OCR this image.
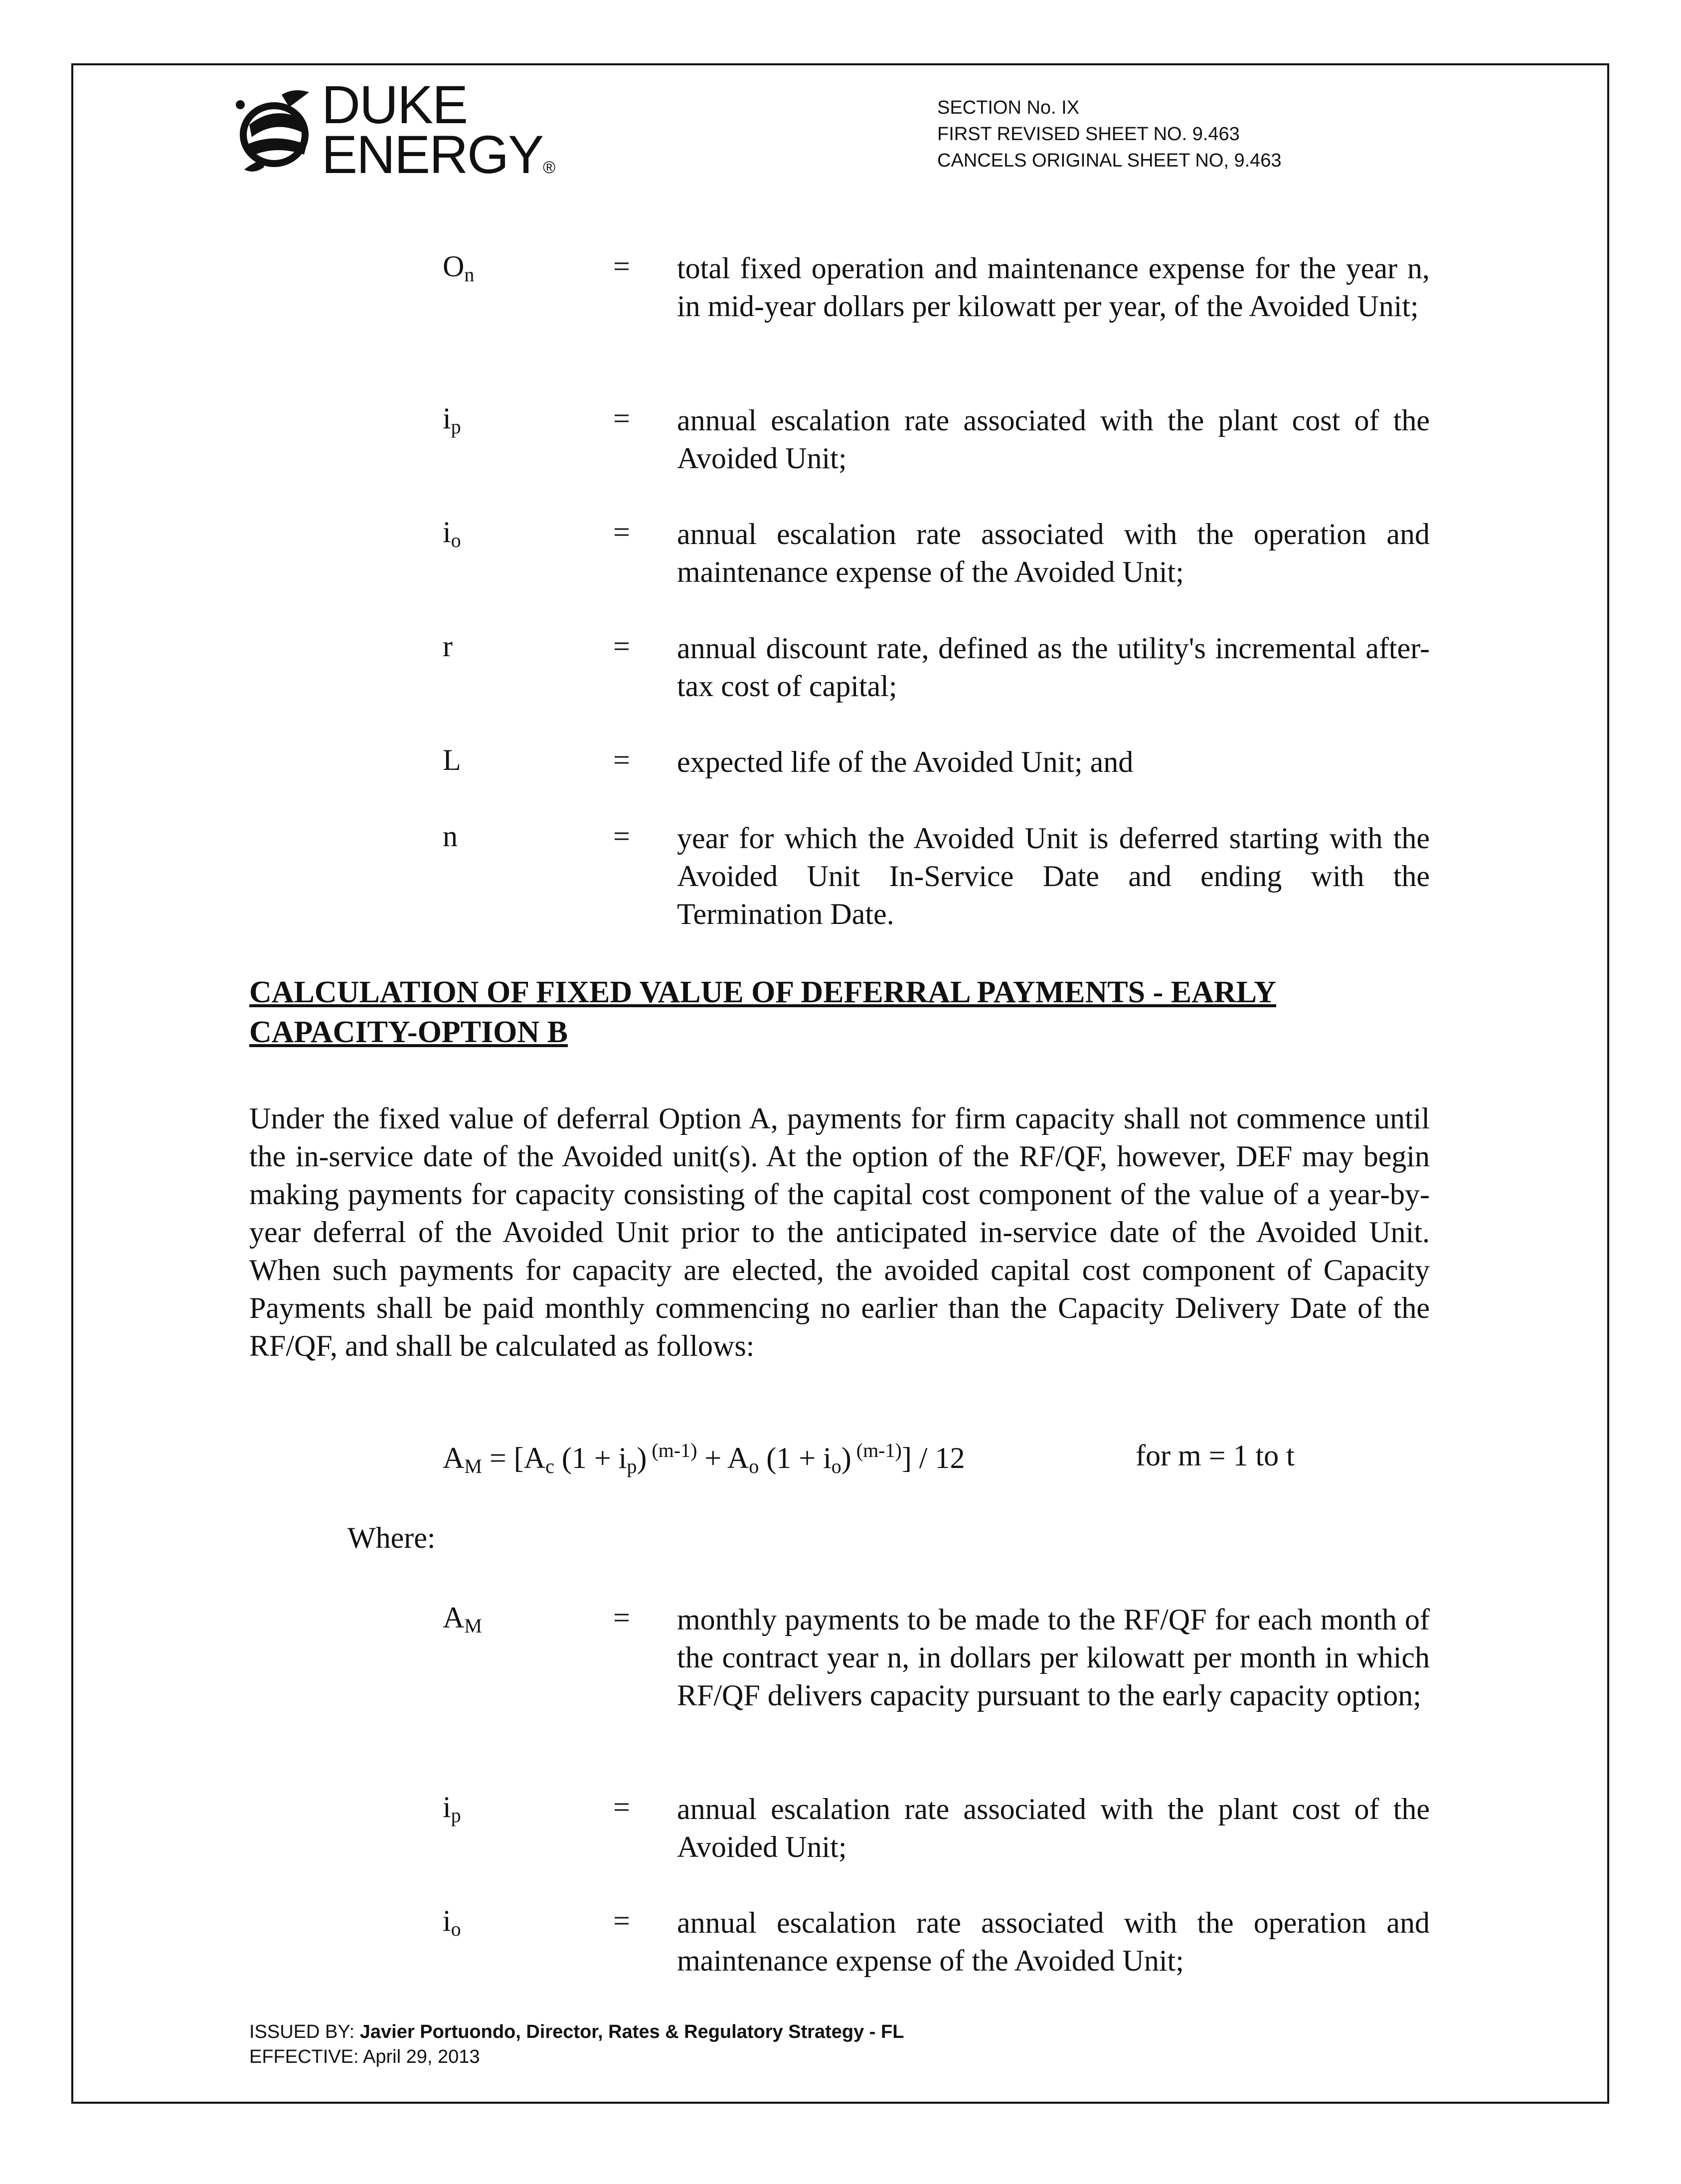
DUKE
ENERGY®
SECTION No. IX
FIRST REVISED SHEET NO. 9.463
CANCELS ORIGINAL SHEET NO, 9.463
$O_n$	= total fixed operation and maintenance expense for the year n, in mid-year dollars per kilowatt per year, of the Avoided Unit;
$i_p$	= annual escalation rate associated with the plant cost of the Avoided Unit;
$i_o$	= annual escalation rate associated with the operation and maintenance expense of the Avoided Unit;
r	= annual discount rate, defined as the utility's incremental after-tax cost of capital;
L	= expected life of the Avoided Unit; and
n	= year for which the Avoided Unit is deferred starting with the Avoided Unit In-Service Date and ending with the Termination Date.
CALCULATION OF FIXED VALUE OF DEFERRAL PAYMENTS - EARLY CAPACITY-OPTION B
Under the fixed value of deferral Option A, payments for firm capacity shall not commence until the in-service date of the Avoided unit(s). At the option of the RF/QF, however, DEF may begin making payments for capacity consisting of the capital cost component of the value of a year-by-year deferral of the Avoided Unit prior to the anticipated in-service date of the Avoided Unit. When such payments for capacity are elected, the avoided capital cost component of Capacity Payments shall be paid monthly commencing no earlier than the Capacity Delivery Date of the RF/QF, and shall be calculated as follows:
$A_M = [A_c$ $(1 + i_p)$ $^{(m-1)} + A_o$ $(1 + i_o)$ $^{(m-1)}$] / 12	for m = 1 to t
Where:
$A_M$	= monthly payments to be made to the RF/QF for each month of the contract year n, in dollars per kilowatt per month in which RF/QF delivers capacity pursuant to the early capacity option;
$i_p$	= annual escalation rate associated with the plant cost of the Avoided Unit;
$i_o$	= annual escalation rate associated with the operation and maintenance expense of the Avoided Unit;
ISSUED BY: Javier Portuondo, Director, Rates & Regulatory Strategy - FL
EFFECTIVE: April 29, 2013
